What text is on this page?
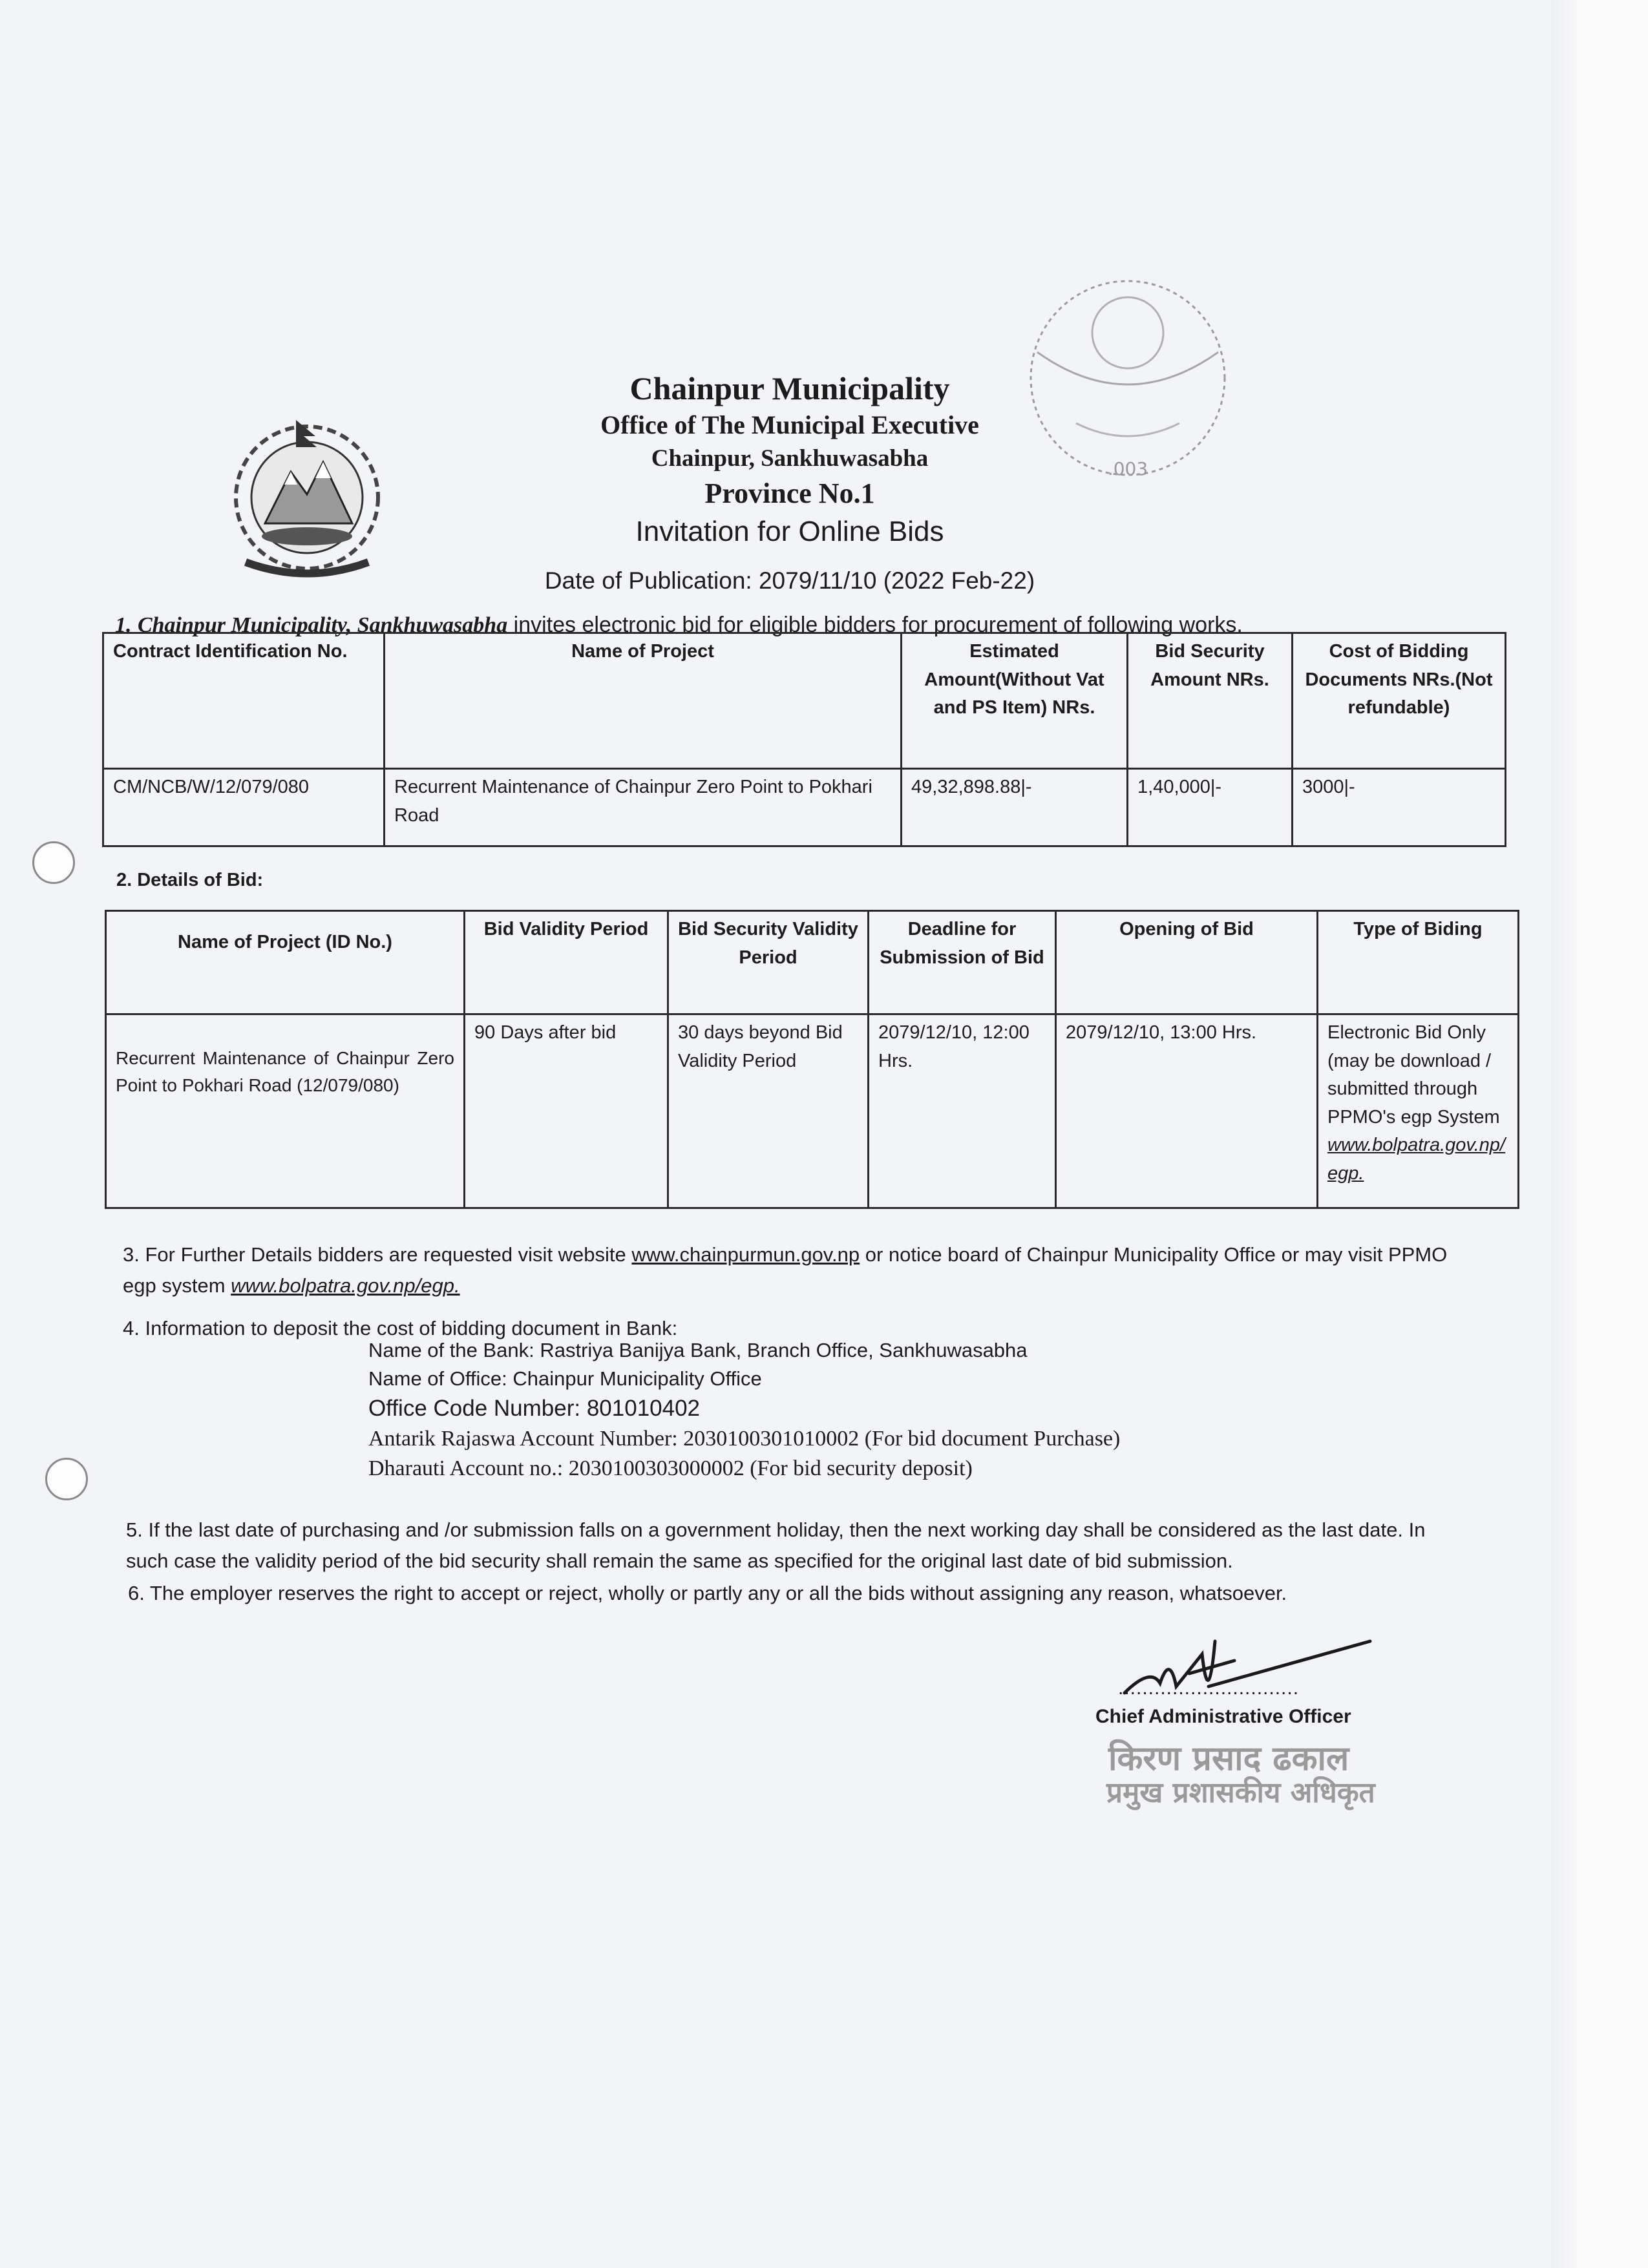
.003
Chainpur Municipality
Office of The Municipal Executive
Chainpur, Sankhuwasabha
Province No.1
Invitation for Online Bids
Date of Publication: 2079/11/10 (2022 Feb-22)
1. Chainpur Municipality, Sankhuwasabha invites electronic bid for eligible bidders for procurement of following works.
Contract Identification No.	Name of Project	Estimated Amount(Without Vat and PS Item) NRs.	Bid Security Amount NRs.	Cost of Bidding Documents NRs.(Not refundable)
CM/NCB/W/12/079/080	Recurrent Maintenance of Chainpur Zero Point to Pokhari Road	49,32,898.88|-	1,40,000|-	3000|-
2. Details of Bid:
Name of Project (ID No.)	Bid Validity Period	Bid Security Validity Period	Deadline for Submission of Bid	Opening of Bid	Type of Biding
Recurrent Maintenance of Chainpur Zero Point to Pokhari Road (12/079/080)	90 Days after bid	30 days beyond Bid Validity Period	2079/12/10, 12:00 Hrs.	2079/12/10, 13:00 Hrs.	Electronic Bid Only (may be download / submitted through PPMO's egp System www.bolpatra.gov.np/egp.
3. For Further Details bidders are requested visit website www.chainpurmun.gov.np or notice board of Chainpur Municipality Office or may visit PPMO egp system www.bolpatra.gov.np/egp.
4. Information to deposit the cost of bidding document in Bank:
Name of the Bank: Rastriya Banijya Bank, Branch Office, Sankhuwasabha
Name of Office: Chainpur Municipality Office
Office Code Number: 801010402
Antarik Rajaswa Account Number: 2030100301010002 (For bid document Purchase)
Dharauti Account no.: 2030100303000002 (For bid security deposit)
5. If the last date of purchasing and /or submission falls on a government holiday, then the next working day shall be considered as the last date. In such case the validity period of the bid security shall remain the same as specified for the original last date of bid submission.
6. The employer reserves the right to accept or reject, wholly or partly any or all the bids without assigning any reason, whatsoever.
..............................
Chief Administrative Officer
किरण प्रसाद ढकाल
प्रमुख प्रशासकीय अधिकृत
